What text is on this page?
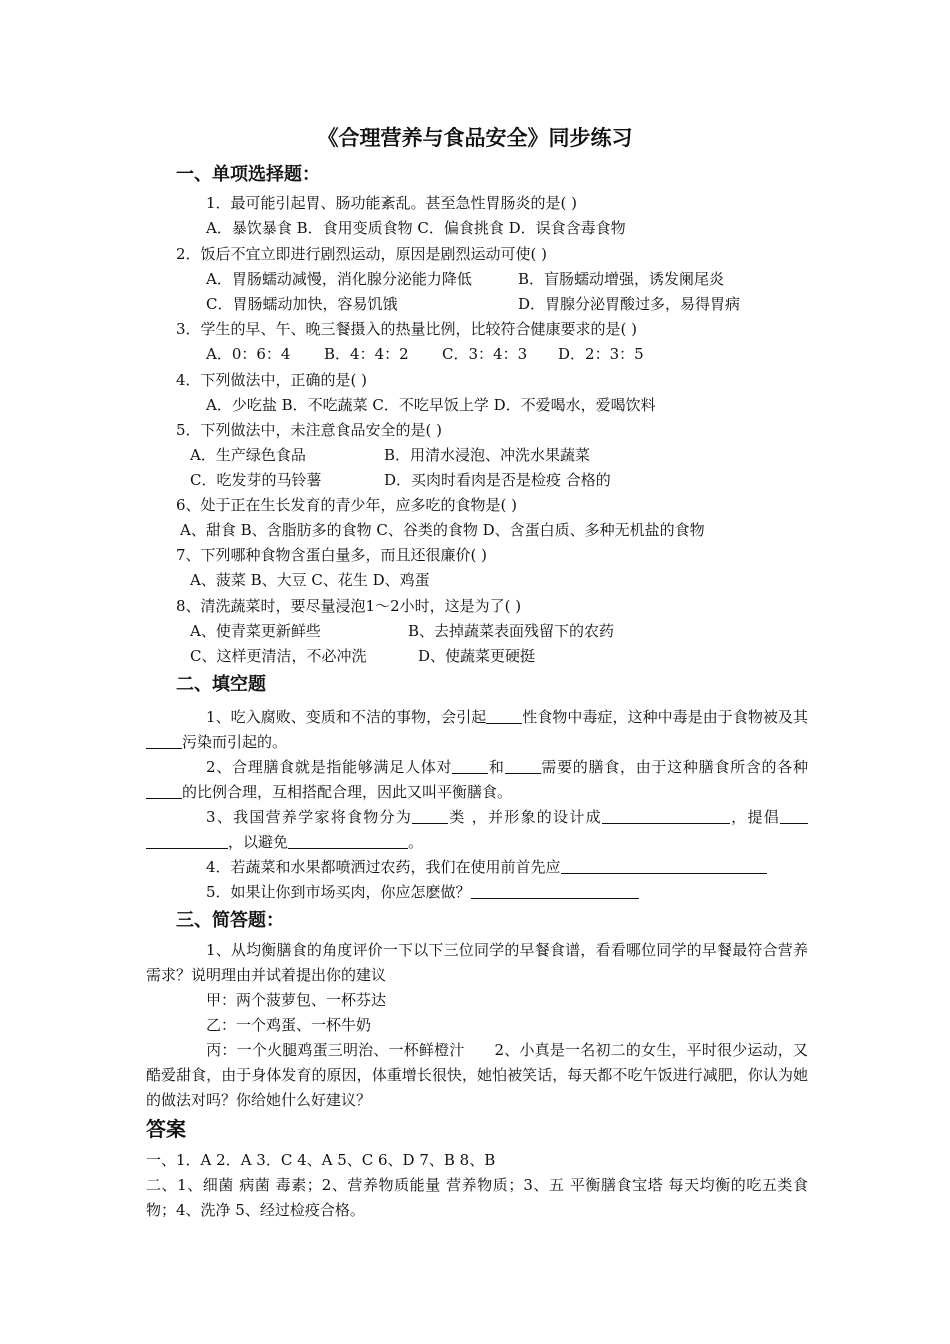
《合理营养与食品安全》同步练习
一、单项选择题：
1．最可能引起胃、肠功能紊乱。甚至急性胃肠炎的是( )
A．暴饮暴食 B．食用变质食物 C．偏食挑食 D．误食含毒食物
2．饭后不宜立即进行剧烈运动，原因是剧烈运动可使( )
A．胃肠蠕动减慢，消化腺分泌能力降低	B．盲肠蠕动增强，诱发阑尾炎
C．胃肠蠕动加快，容易饥饿	D．胃腺分泌胃酸过多，易得胃病
3．学生的早、午、晚三餐摄入的热量比例，比较符合健康要求的是( )
A．0：6：4 B．4：4：2 C．3：4：3 D．2：3：5
4．下列做法中，正确的是( )
A．少吃盐 B．不吃蔬菜 C．不吃早饭上学 D．不爱喝水，爱喝饮料
5．下列做法中，未注意食品安全的是( )
A．生产绿色食品	B．用清水浸泡、冲洗水果蔬菜
C．吃发芽的马铃薯	D．买肉时看肉是否是检疫 合格的
6、处于正在生长发育的青少年，应多吃的食物是( )
A、甜食 B、含脂肪多的食物 C、谷类的食物 D、含蛋白质、多种无机盐的食物
7、下列哪种食物含蛋白量多，而且还很廉价( )
A、菠菜 B、大豆 C、花生 D、鸡蛋
8、清洗蔬菜时，要尽量浸泡1～2小时，这是为了( )
A、使青菜更新鲜些	B、去掉蔬菜表面残留下的农药
C、这样更清洁，不必冲洗	D、使蔬菜更硬挺
二、填空题
1、吃入腐败、变质和不洁的事物，会引起 性食物中毒症，这种中毒是由于食物被及其污染而引起的。
2、合理膳食就是指能够满足人体对 和 需要的膳食，由于这种膳食所含的各种的比例合理，互相搭配合理，因此又叫平衡膳食。
3、我国营养学家将食物分为 类 ，并形象的设计成	，提倡，以避免	。
4．若蔬菜和水果都喷洒过农药，我们在使用前首先应
5．如果让你到市场买肉，你应怎麽做？
三、简答题：
1、从均衡膳食的角度评价一下以下三位同学的早餐食谱，看看哪位同学的早餐最符合营养需求？说明理由并试着提出你的建议
甲：两个菠萝包、一杯芬达
乙：一个鸡蛋、一杯牛奶
丙：一个火腿鸡蛋三明治、一杯鲜橙汁 2、小真是一名初二的女生，平时很少运动，又酷爱甜食，由于身体发育的原因，体重增长很快，她怕被笑话，每天都不吃午饭进行减肥，你认为她的做法对吗？你给她什么好建议？
答案
一、1．A 2．A 3．C 4、A 5、C 6、D 7、B 8、B
二、1、细菌 病菌 毒素；2、营养物质能量 营养物质；3、五 平衡膳食宝塔 每天均衡的吃五类食物；4、洗净 5、经过检疫合格。
